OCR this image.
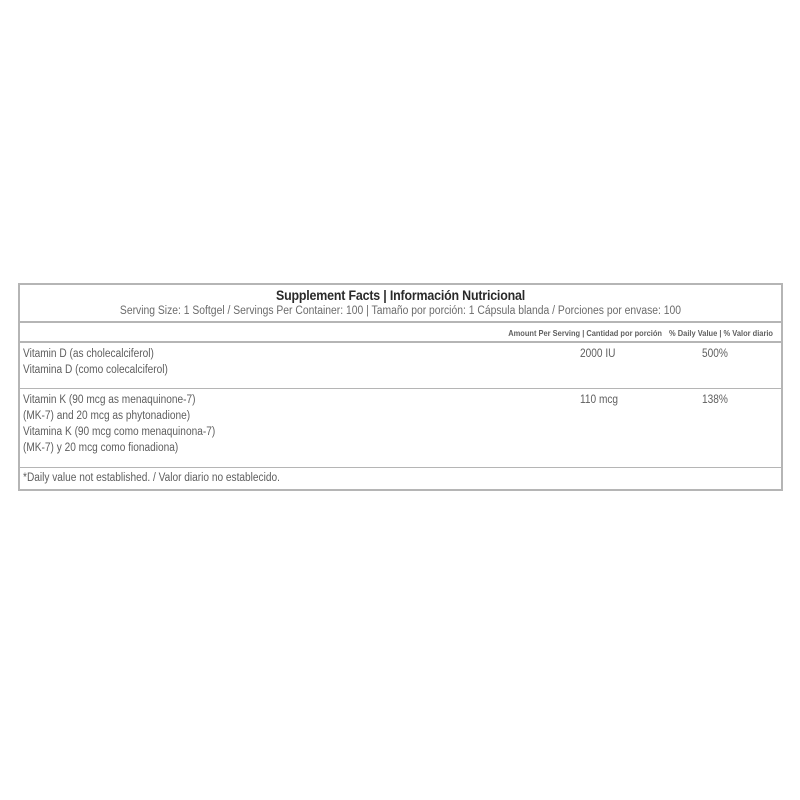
Supplement Facts | Información Nutricional
Serving Size: 1 Softgel / Servings Per Container: 100 | Tamaño por porción: 1 Cápsula blanda / Porciones por envase: 100
Amount Per Serving | Cantidad por porción % Daily Value | % Valor diario
Vitamin D (as cholecalciferol)
Vitamina D (como colecalciferol)
2000 IU	500%
Vitamin K (90 mcg as menaquinone-7)
(MK-7) and 20 mcg as phytonadione)
Vitamina K (90 mcg como menaquinona-7)
(MK-7) y 20 mcg como fionadiona)
110 mcg	138%
*Daily value not established. / Valor diario no establecido.
